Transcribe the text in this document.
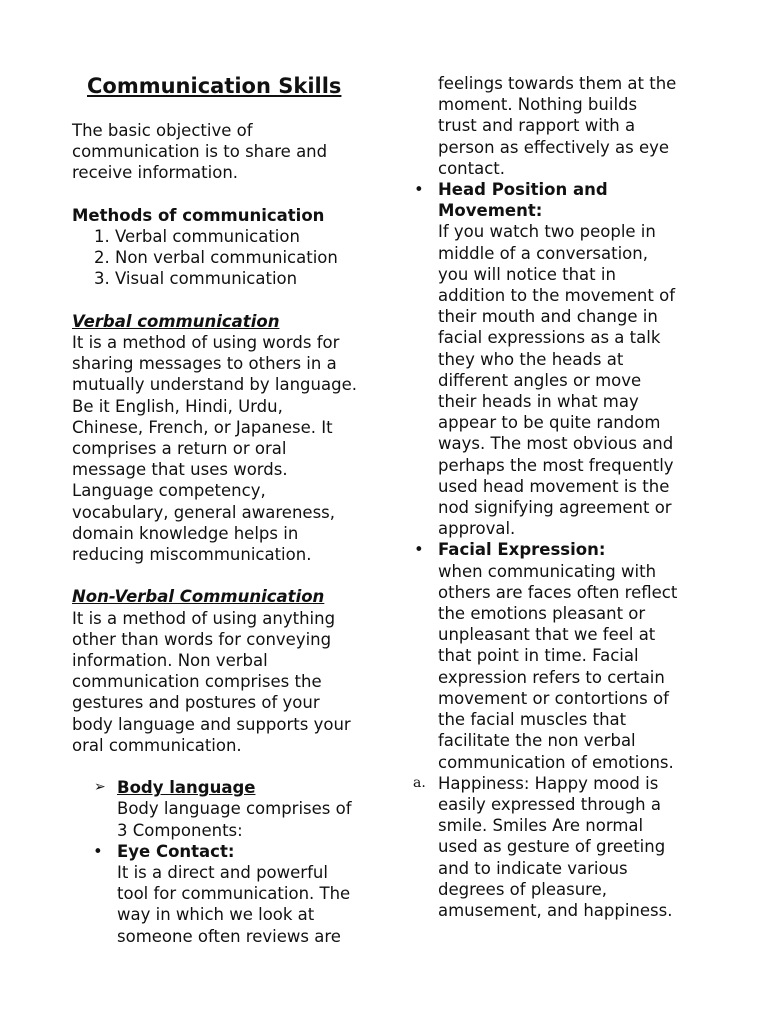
Communication Skills

The basic objective of

communication is to share and

receive information.

Methods of communication

1. Verbal communication
2. Non verbal communication
3. Visual communication

Verbal communication

It is a method of using words for

sharing messages to others in a

mutually understand by language.

Be it English, Hindi, Urdu,

Chinese, French, or Japanese. It

comprises a return or oral

message that uses words.

Language competency,

vocabulary, general awareness,

domain knowledge helps in

reducing miscommunication.

Non-Verbal Communication

It is a method of using anything

other than words for conveying

information. Non verbal

communication comprises the

gestures and postures of your

body language and supports your

oral communication.

➢ Body language

Body language comprises of

3 Components:

• Eye Contact:

It is a direct and powerful

tool for communication. The

way in which we look at

someone often reviews are

feelings towards them at the

moment. Nothing builds

trust and rapport with a

person as effectively as eye

contact.

• Head Position and

Movement:

If you watch two people in

middle of a conversation,

you will notice that in

addition to the movement of

their mouth and change in

facial expressions as a talk

they who the heads at

different angles or move

their heads in what may

appear to be quite random

ways. The most obvious and

perhaps the most frequently

used head movement is the

nod signifying agreement or

approval.

• Facial Expression:

when communicating with

others are faces often reflect

the emotions pleasant or

unpleasant that we feel at

that point in time. Facial

expression refers to certain

movement or contortions of

the facial muscles that

facilitate the non verbal

communication of emotions.

a. Happiness: Happy mood is

easily expressed through a

smile. Smiles Are normal

used as gesture of greeting

and to indicate various

degrees of pleasure,

amusement, and happiness.
